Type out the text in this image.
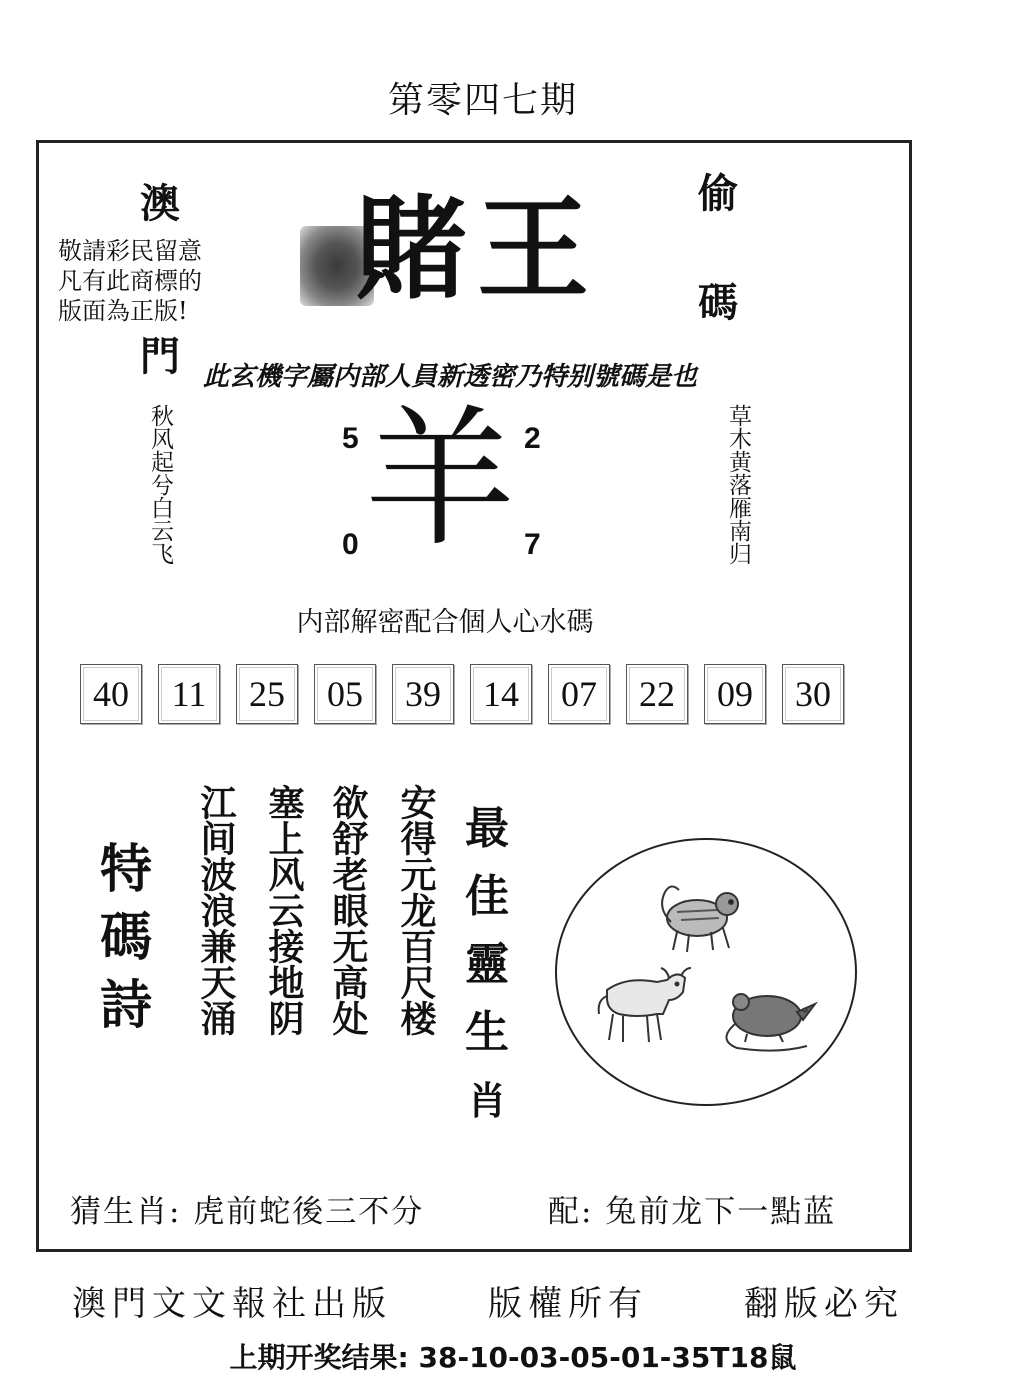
第零四七期
澳
門
偷
碼
敬請彩民留意
凡有此商標的
版面為正版!	賭王
此玄機字屬内部人員新透密乃特别號碼是也
秋风起兮白云飞	草木黄落雁南归
羊
5	2
0	7
内部解密配合個人心水碼
40	11	25	05	39	14	07	22	09	30
特
碼
詩 江间波浪兼天涌 塞上风云接地阴 欲舒老眼无高处 安得元龙百尺楼 最
佳
靈
生
肖
猜生肖: 虎前蛇後三不分	配: 兔前龙下一點蓝
澳門文文報社出版	版權所有	翻版必究
上期开奖结果: 38-10-03-05-01-35T18鼠
